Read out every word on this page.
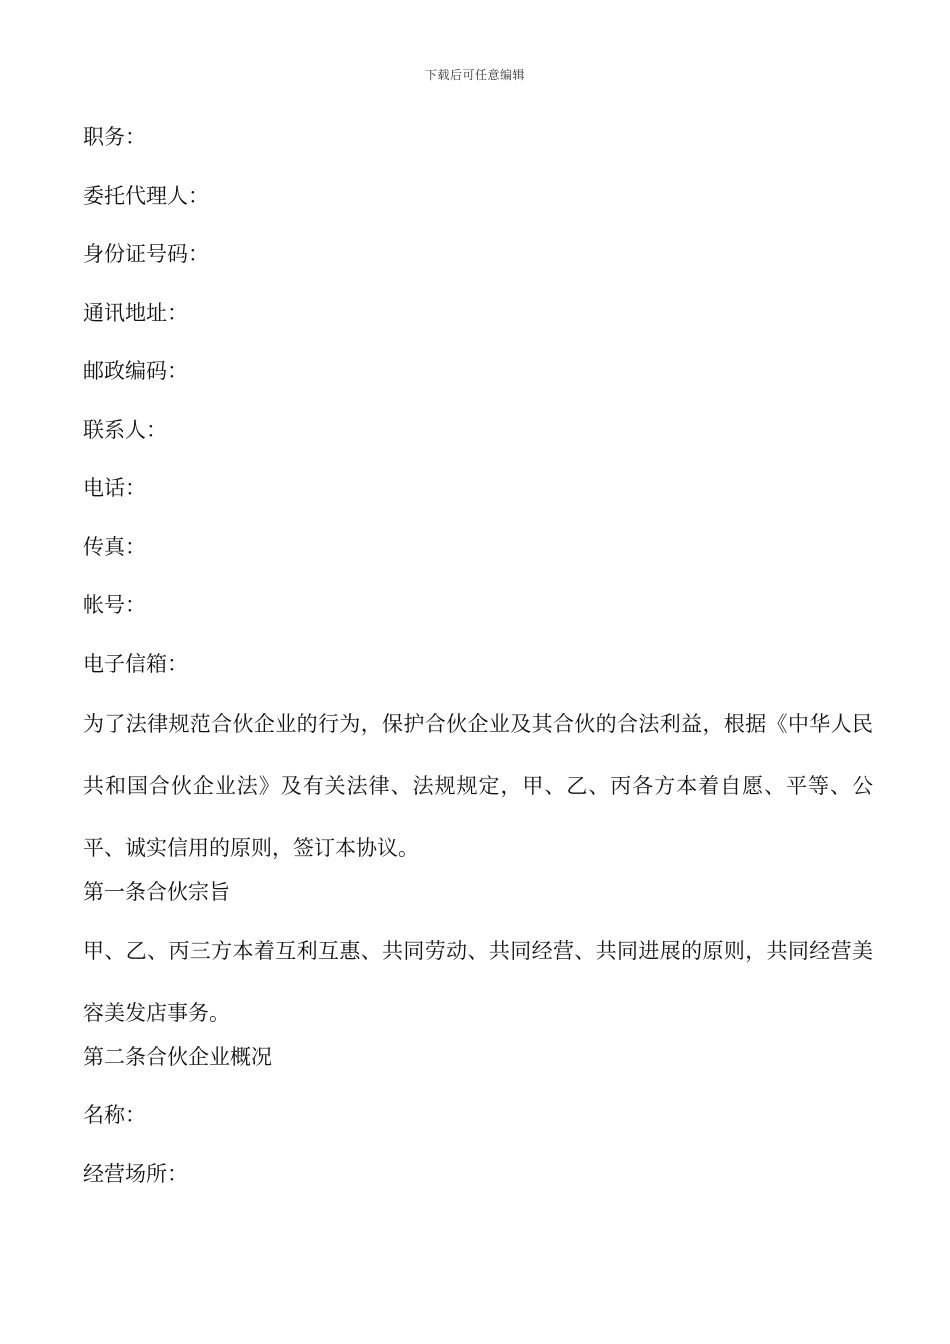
下载后可任意编辑
职务：
委托代理人：
身份证号码：
通讯地址：
邮政编码：
联系人：
电话：
传真：
帐号：
电子信箱：
为了法律规范合伙企业的行为，保护合伙企业及其合伙的合法利益，根据《中华人民共和国合伙企业法》及有关法律、法规规定，甲、乙、丙各方本着自愿、平等、公平、诚实信用的原则，签订本协议。
第一条合伙宗旨
甲、乙、丙三方本着互利互惠、共同劳动、共同经营、共同进展的原则，共同经营美容美发店事务。
第二条合伙企业概况
名称：
经营场所：
